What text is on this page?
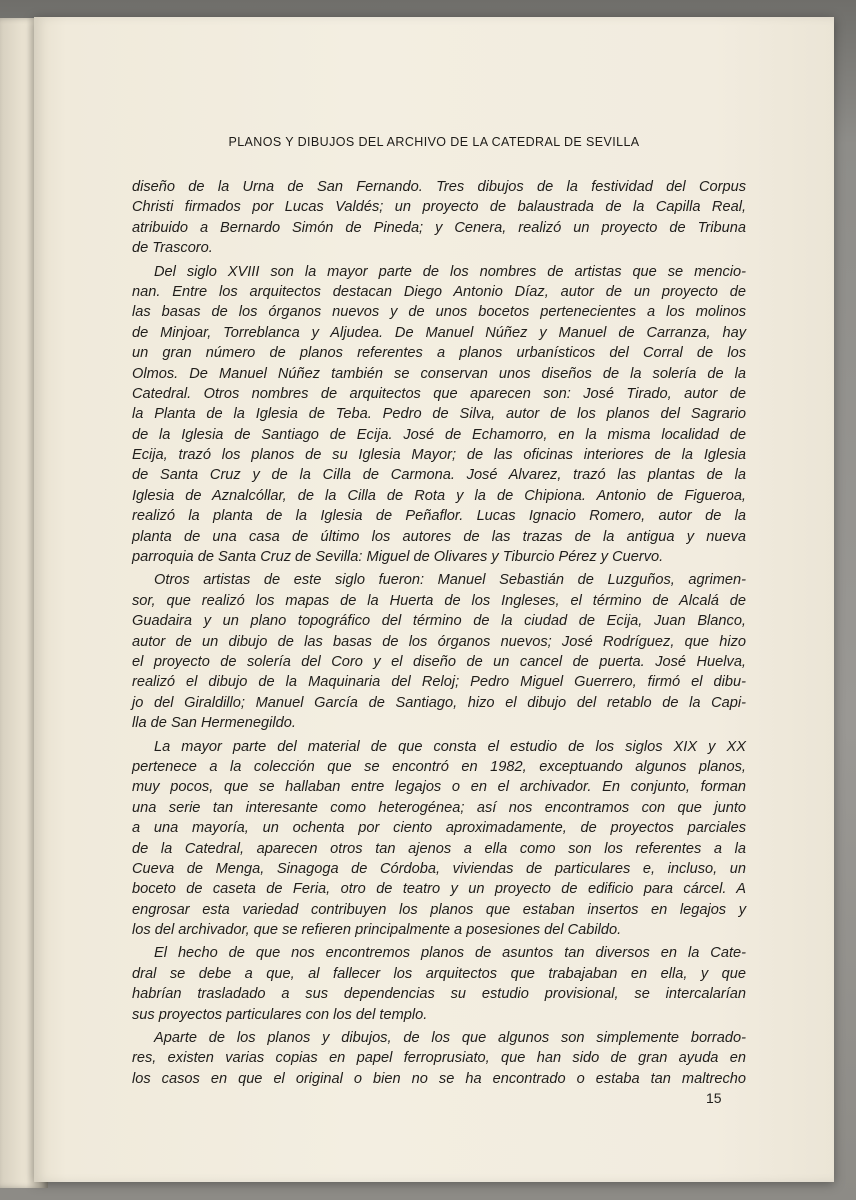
PLANOS Y DIBUJOS DEL ARCHIVO DE LA CATEDRAL DE SEVILLA
diseño de la Urna de San Fernando. Tres dibujos de la festividad del Corpus
Christi firmados por Lucas Valdés; un proyecto de balaustrada de la Capilla Real,
atribuido a Bernardo Simón de Pineda; y Cenera, realizó un proyecto de Tribuna
de Trascoro.
Del siglo XVIII son la mayor parte de los nombres de artistas que se mencio-
nan. Entre los arquitectos destacan Diego Antonio Díaz, autor de un proyecto de
las basas de los órganos nuevos y de unos bocetos pertenecientes a los molinos
de Minjoar, Torreblanca y Aljudea. De Manuel Núñez y Manuel de Carranza, hay
un gran número de planos referentes a planos urbanísticos del Corral de los
Olmos. De Manuel Núñez también se conservan unos diseños de la solería de la
Catedral. Otros nombres de arquitectos que aparecen son: José Tirado, autor de
la Planta de la Iglesia de Teba. Pedro de Silva, autor de los planos del Sagrario
de la Iglesia de Santiago de Ecija. José de Echamorro, en la misma localidad de
Ecija, trazó los planos de su Iglesia Mayor; de las oficinas interiores de la Iglesia
de Santa Cruz y de la Cilla de Carmona. José Alvarez, trazó las plantas de la
Iglesia de Aznalcóllar, de la Cilla de Rota y la de Chipiona. Antonio de Figueroa,
realizó la planta de la Iglesia de Peñaflor. Lucas Ignacio Romero, autor de la
planta de una casa de último los autores de las trazas de la antigua y nueva
parroquia de Santa Cruz de Sevilla: Miguel de Olivares y Tiburcio Pérez y Cuervo.
Otros artistas de este siglo fueron: Manuel Sebastián de Luzguños, agrimen-
sor, que realizó los mapas de la Huerta de los Ingleses, el término de Alcalá de
Guadaira y un plano topográfico del término de la ciudad de Ecija, Juan Blanco,
autor de un dibujo de las basas de los órganos nuevos; José Rodríguez, que hizo
el proyecto de solería del Coro y el diseño de un cancel de puerta. José Huelva,
realizó el dibujo de la Maquinaria del Reloj; Pedro Miguel Guerrero, firmó el dibu-
jo del Giraldillo; Manuel García de Santiago, hizo el dibujo del retablo de la Capi-
lla de San Hermenegildo.
La mayor parte del material de que consta el estudio de los siglos XIX y XX
pertenece a la colección que se encontró en 1982, exceptuando algunos planos,
muy pocos, que se hallaban entre legajos o en el archivador. En conjunto, forman
una serie tan interesante como heterogénea; así nos encontramos con que junto
a una mayoría, un ochenta por ciento aproximadamente, de proyectos parciales
de la Catedral, aparecen otros tan ajenos a ella como son los referentes a la
Cueva de Menga, Sinagoga de Córdoba, viviendas de particulares e, incluso, un
boceto de caseta de Feria, otro de teatro y un proyecto de edificio para cárcel. A
engrosar esta variedad contribuyen los planos que estaban insertos en legajos y
los del archivador, que se refieren principalmente a posesiones del Cabildo.
El hecho de que nos encontremos planos de asuntos tan diversos en la Cate-
dral se debe a que, al fallecer los arquitectos que trabajaban en ella, y que
habrían trasladado a sus dependencias su estudio provisional, se intercalarían
sus proyectos particulares con los del templo.
Aparte de los planos y dibujos, de los que algunos son simplemente borrado-
res, existen varias copias en papel ferroprusiato, que han sido de gran ayuda en
los casos en que el original o bien no se ha encontrado o estaba tan maltrecho
15
